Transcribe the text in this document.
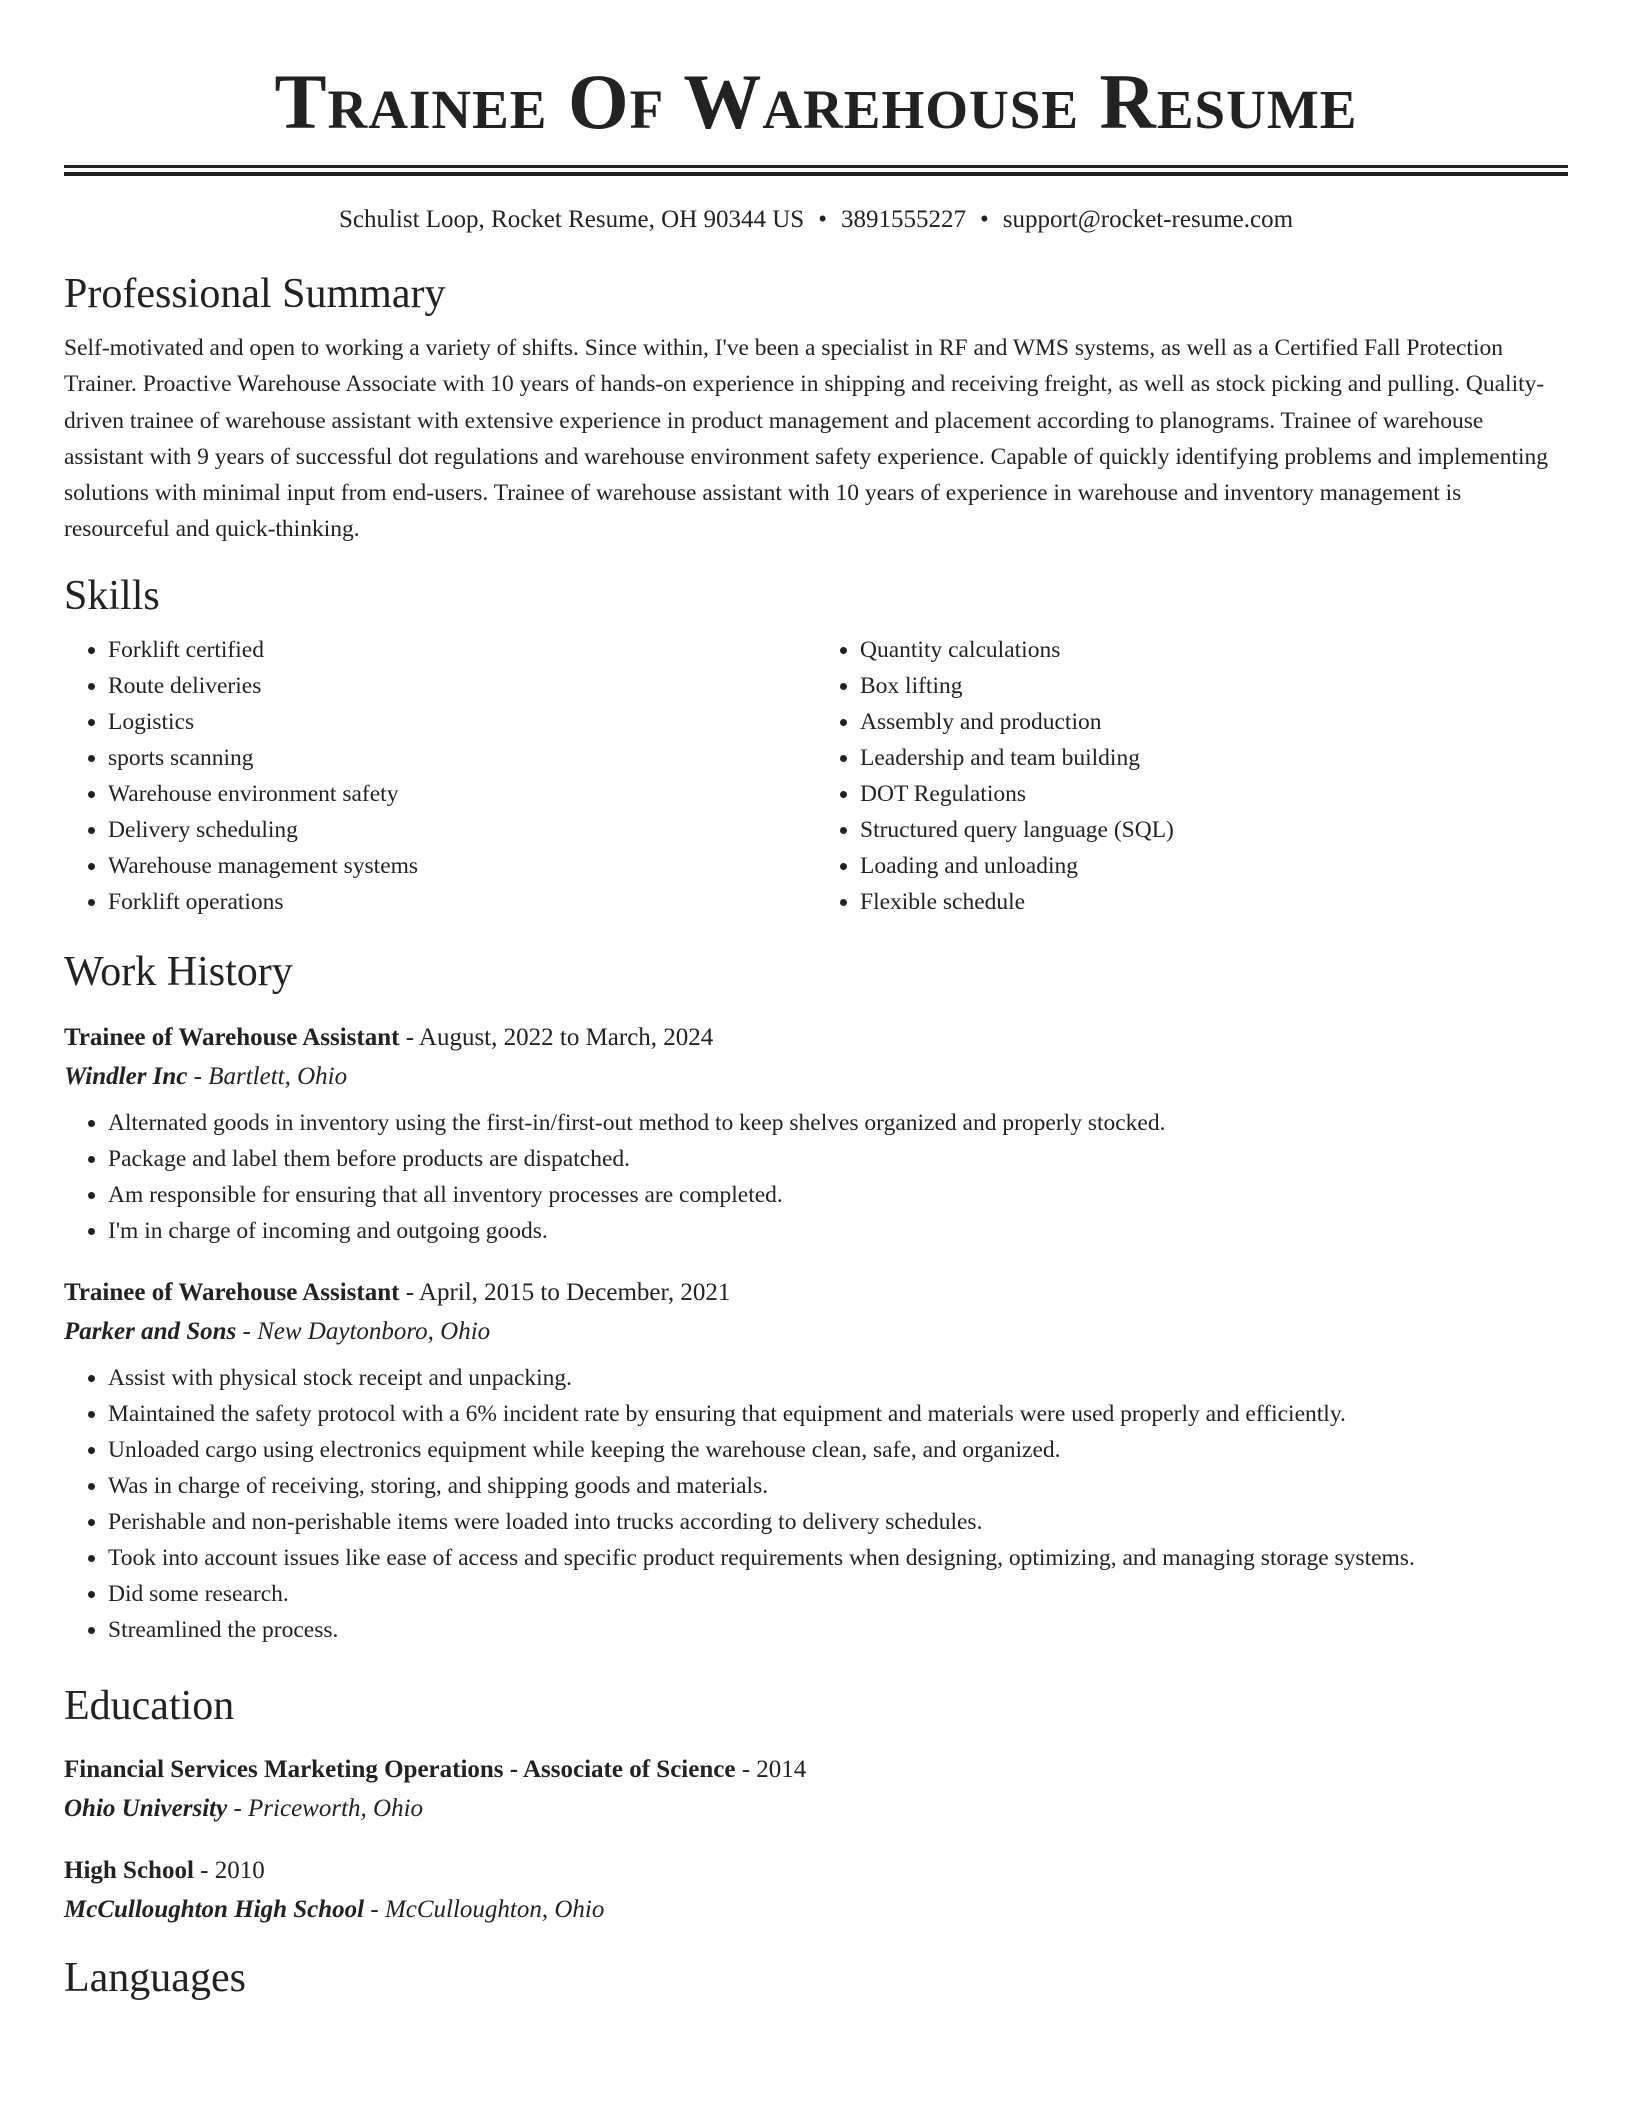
Trainee Of Warehouse Resume
Schulist Loop, Rocket Resume, OH 90344 US • 3891555227 • support@rocket-resume.com
Professional Summary

Self-motivated and open to working a variety of shifts. Since within, I've been a specialist in RF and WMS systems, as well as a Certified Fall Protection Trainer. Proactive Warehouse Associate with 10 years of hands-on experience in shipping and receiving freight, as well as stock picking and pulling. Quality-driven trainee of warehouse assistant with extensive experience in product management and placement according to planograms. Trainee of warehouse assistant with 9 years of successful dot regulations and warehouse environment safety experience. Capable of quickly identifying problems and implementing solutions with minimal input from end-users. Trainee of warehouse assistant with 10 years of experience in warehouse and inventory management is resourceful and quick-thinking.

Skills
• Forklift certified
• Route deliveries
• Logistics
• sports scanning
• Warehouse environment safety
• Delivery scheduling
• Warehouse management systems
• Forklift operations
• Quantity calculations
• Box lifting
• Assembly and production
• Leadership and team building
• DOT Regulations
• Structured query language (SQL)
• Loading and unloading
• Flexible schedule
Work History
Trainee of Warehouse Assistant - August, 2022 to March, 2024
Windler Inc - Bartlett, Ohio
• Alternated goods in inventory using the first-in/first-out method to keep shelves organized and properly stocked.
• Package and label them before products are dispatched.
• Am responsible for ensuring that all inventory processes are completed.
• I'm in charge of incoming and outgoing goods.
Trainee of Warehouse Assistant - April, 2015 to December, 2021
Parker and Sons - New Daytonboro, Ohio
• Assist with physical stock receipt and unpacking.
• Maintained the safety protocol with a 6% incident rate by ensuring that equipment and materials were used properly and efficiently.
• Unloaded cargo using electronics equipment while keeping the warehouse clean, safe, and organized.
• Was in charge of receiving, storing, and shipping goods and materials.
• Perishable and non-perishable items were loaded into trucks according to delivery schedules.
• Took into account issues like ease of access and specific product requirements when designing, optimizing, and managing storage systems.
• Did some research.
• Streamlined the process.
Education
Financial Services Marketing Operations - Associate of Science - 2014
Ohio University - Priceworth, Ohio
High School - 2010
McCulloughton High School - McCulloughton, Ohio
Languages
